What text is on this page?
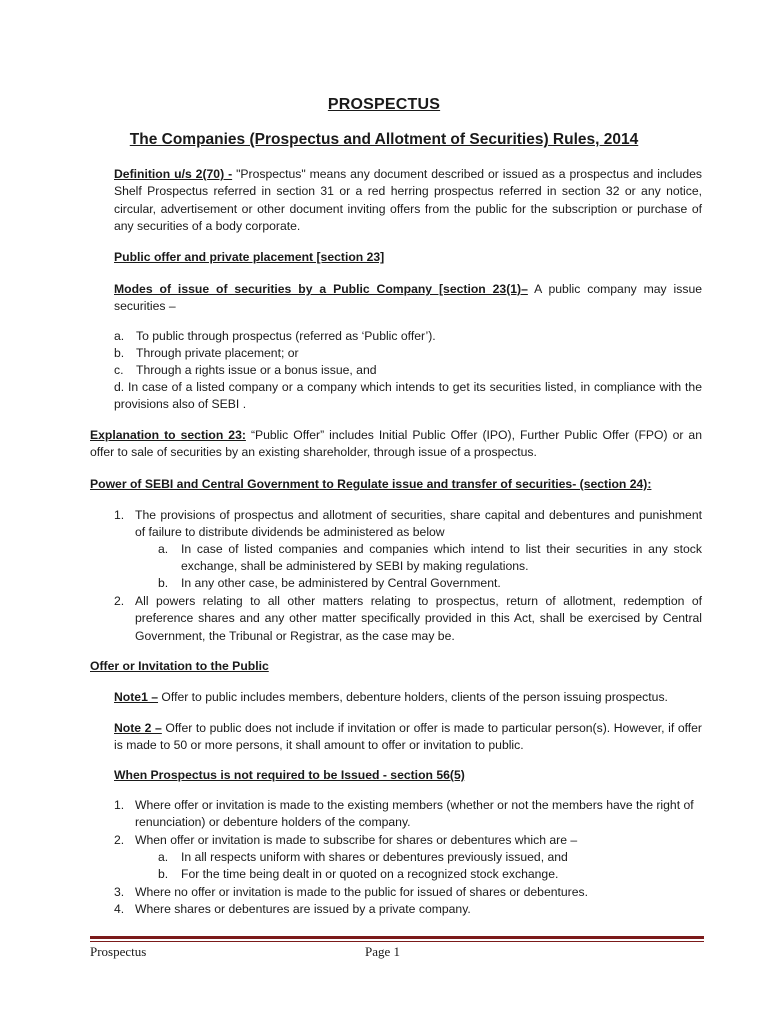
PROSPECTUS
The Companies (Prospectus and Allotment of Securities) Rules, 2014
Definition u/s 2(70) - "Prospectus" means any document described or issued as a prospectus and includes Shelf Prospectus referred in section 31 or a red herring prospectus referred in section 32 or any notice, circular, advertisement or other document inviting offers from the public for the subscription or purchase of any securities of a body corporate.
Public offer and private placement [section 23]
Modes of issue of securities by a Public Company [section 23(1)– A public company may issue securities –
a. To public through prospectus (referred as ‘Public offer’).
b. Through private placement; or
c. Through a rights issue or a bonus issue, and
d. In case of a listed company or a company which intends to get its securities listed, in compliance with the provisions also of SEBI .
Explanation to section 23: “Public Offer” includes Initial Public Offer (IPO), Further Public Offer (FPO) or an offer to sale of securities by an existing shareholder, through issue of a prospectus.
Power of SEBI and Central Government to Regulate issue and transfer of securities- (section 24):
1. The provisions of prospectus and allotment of securities, share capital and debentures and punishment of failure to distribute dividends be administered as below
a. In case of listed companies and companies which intend to list their securities in any stock exchange, shall be administered by SEBI by making regulations.
b. In any other case, be administered by Central Government.
2. All powers relating to all other matters relating to prospectus, return of allotment, redemption of preference shares and any other matter specifically provided in this Act, shall be exercised by Central Government, the Tribunal or Registrar, as the case may be.
Offer or Invitation to the Public
Note1 – Offer to public includes members, debenture holders, clients of the person issuing prospectus.
Note 2 – Offer to public does not include if invitation or offer is made to particular person(s). However, if offer is made to 50 or more persons, it shall amount to offer or invitation to public.
When Prospectus is not required to be Issued - section 56(5)
1. Where offer or invitation is made to the existing members (whether or not the members have the right of renunciation) or debenture holders of the company.
2. When offer or invitation is made to subscribe for shares or debentures which are –
a. In all respects uniform with shares or debentures previously issued, and
b. For the time being dealt in or quoted on a recognized stock exchange.
3. Where no offer or invitation is made to the public for issued of shares or debentures.
4. Where shares or debentures are issued by a private company.
Prospectus	Page 1
